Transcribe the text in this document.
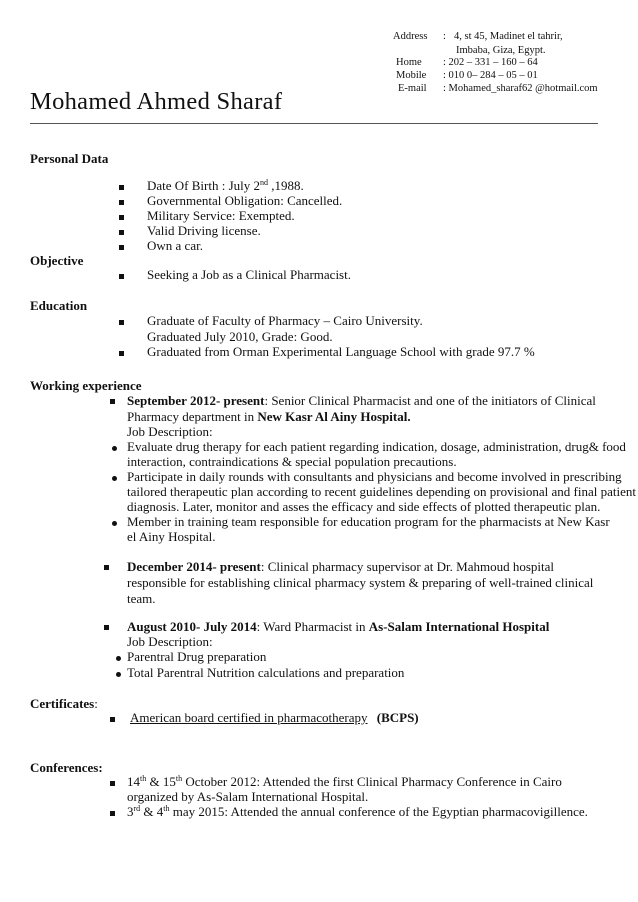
Address : 4, st 45, Madinet el tahrir,
Imbaba, Giza, Egypt.
Home : 202 – 331 – 160 – 64
Mobile : 010 0– 284 – 05 – 01
E-mail : Mohamed_sharaf62 @hotmail.com
Mohamed Ahmed Sharaf
Personal Data
Date Of Birth : July 2nd ,1988.
Governmental Obligation: Cancelled.
Military Service: Exempted.
Valid Driving license.
Own a car.
Objective
Seeking a Job as a Clinical Pharmacist.
Education
Graduate of Faculty of Pharmacy – Cairo University.
Graduated July 2010, Grade: Good.
Graduated from Orman Experimental Language School with grade 97.7 %
Working experience
September 2012- present: Senior Clinical Pharmacist and one of the initiators of Clinical
Pharmacy department in New Kasr Al Ainy Hospital.
Job Description:
Evaluate drug therapy for each patient regarding indication, dosage, administration, drug& food
interaction, contraindications & special population precautions.
Participate in daily rounds with consultants and physicians and become involved in prescribing
tailored therapeutic plan according to recent guidelines depending on provisional and final patient
diagnosis. Later, monitor and asses the efficacy and side effects of plotted therapeutic plan.
Member in training team responsible for education program for the pharmacists at New Kasr
el Ainy Hospital.
December 2014- present: Clinical pharmacy supervisor at Dr. Mahmoud hospital
responsible for establishing clinical pharmacy system & preparing of well-trained clinical
team.
August 2010- July 2014: Ward Pharmacist in As-Salam International Hospital
Job Description:
Parentral Drug preparation
Total Parentral Nutrition calculations and preparation
Certificates:
American board certified in pharmacotherapy (BCPS)
Conferences:
14th & 15th October 2012: Attended the first Clinical Pharmacy Conference in Cairo
organized by As-Salam International Hospital.
3rd & 4th may 2015: Attended the annual conference of the Egyptian pharmacovigillence.
